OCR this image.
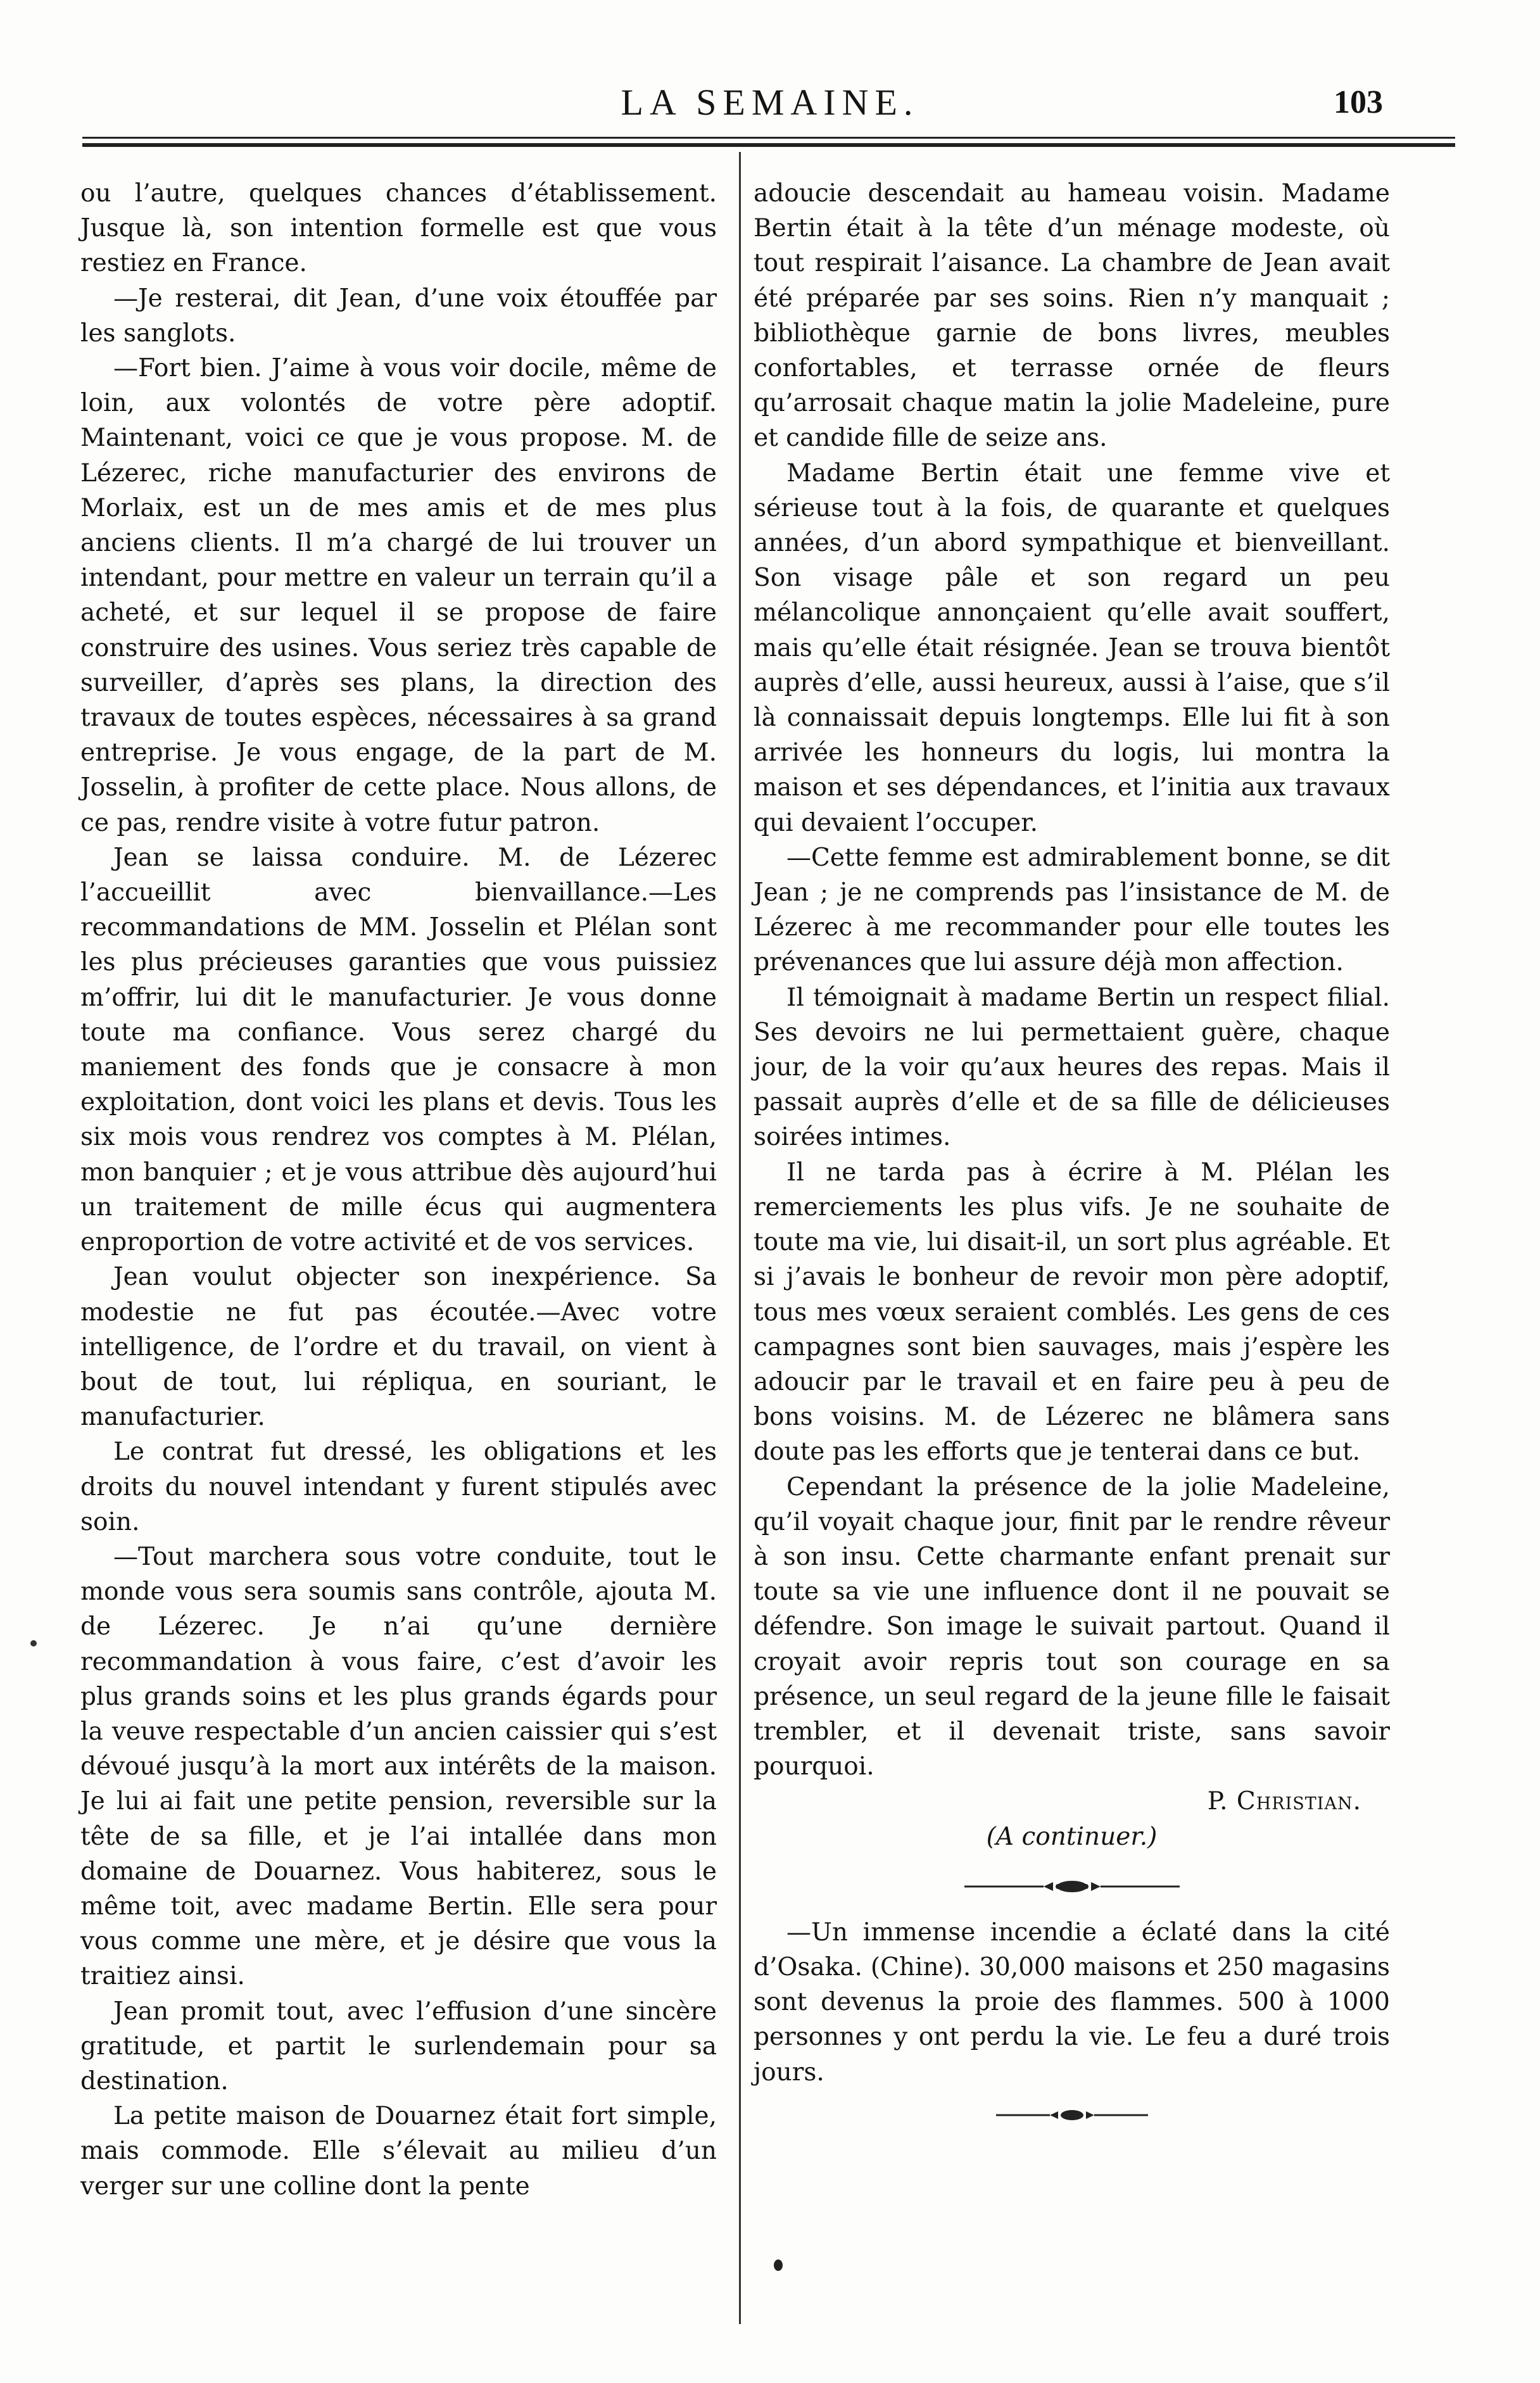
LA SEMAINE.	103

ou l’autre, quelques chances d’établissement. Jusque là, son intention formelle est que vous restiez en France.

—Je resterai, dit Jean, d’une voix étouffée par les sanglots.

—Fort bien. J’aime à vous voir docile, même de loin, aux volontés de votre père adoptif. Maintenant, voici ce que je vous propose. M. de Lézerec, riche manufacturier des environs de Morlaix, est un de mes amis et de mes plus anciens clients. Il m’a chargé de lui trouver un intendant, pour mettre en valeur un terrain qu’il a acheté, et sur lequel il se propose de faire construire des usines. Vous seriez très capable de surveiller, d’après ses plans, la direction des travaux de toutes espèces, nécessaires à sa grand entreprise. Je vous engage, de la part de M. Josselin, à profiter de cette place. Nous allons, de ce pas, rendre visite à votre futur patron.

Jean se laissa conduire. M. de Lézerec l’accueillit avec bienvaillance.—Les recommandations de MM. Josselin et Plélan sont les plus précieuses garanties que vous puissiez m’offrir, lui dit le manufacturier. Je vous donne toute ma confiance. Vous serez chargé du maniement des fonds que je consacre à mon exploitation, dont voici les plans et devis. Tous les six mois vous rendrez vos comptes à M. Plélan, mon banquier ; et je vous attribue dès aujourd’hui un traitement de mille écus qui augmentera enproportion de votre activité et de vos services.

Jean voulut objecter son inexpérience. Sa modestie ne fut pas écoutée.—Avec votre intelligence, de l’ordre et du travail, on vient à bout de tout, lui répliqua, en souriant, le manufacturier.

Le contrat fut dressé, les obligations et les droits du nouvel intendant y furent stipulés avec soin.

—Tout marchera sous votre conduite, tout le monde vous sera soumis sans contrôle, ajouta M. de Lézerec. Je n’ai qu’une dernière recommandation à vous faire, c’est d’avoir les plus grands soins et les plus grands égards pour la veuve respectable d’un ancien caissier qui s’est dévoué jusqu’à la mort aux intérêts de la maison. Je lui ai fait une petite pension, reversible sur la tête de sa fille, et je l’ai intallée dans mon domaine de Douarnez. Vous habiterez, sous le même toit, avec madame Bertin. Elle sera pour vous comme une mère, et je désire que vous la traitiez ainsi.

Jean promit tout, avec l’effusion d’une sincère gratitude, et partit le surlendemain pour sa destination.

La petite maison de Douarnez était fort simple, mais commode. Elle s’élevait au milieu d’un verger sur une colline dont la pente

adoucie descendait au hameau voisin. Madame Bertin était à la tête d’un ménage modeste, où tout respirait l’aisance. La chambre de Jean avait été préparée par ses soins. Rien n’y manquait ; bibliothèque garnie de bons livres, meubles confortables, et terrasse ornée de fleurs qu’arrosait chaque matin la jolie Madeleine, pure et candide fille de seize ans.

Madame Bertin était une femme vive et sérieuse tout à la fois, de quarante et quelques années, d’un abord sympathique et bienveillant. Son visage pâle et son regard un peu mélancolique annonçaient qu’elle avait souffert, mais qu’elle était résignée. Jean se trouva bientôt auprès d’elle, aussi heureux, aussi à l’aise, que s’il là connaissait depuis longtemps. Elle lui fit à son arrivée les honneurs du logis, lui montra la maison et ses dépendances, et l’initia aux travaux qui devaient l’occuper.

—Cette femme est admirablement bonne, se dit Jean ; je ne comprends pas l’insistance de M. de Lézerec à me recommander pour elle toutes les prévenances que lui assure déjà mon affection.

Il témoignait à madame Bertin un respect filial. Ses devoirs ne lui permettaient guère, chaque jour, de la voir qu’aux heures des repas. Mais il passait auprès d’elle et de sa fille de délicieuses soirées intimes.

Il ne tarda pas à écrire à M. Plélan les remerciements les plus vifs. Je ne souhaite de toute ma vie, lui disait-il, un sort plus agréable. Et si j’avais le bonheur de revoir mon père adoptif, tous mes vœux seraient comblés. Les gens de ces campagnes sont bien sauvages, mais j’espère les adoucir par le travail et en faire peu à peu de bons voisins. M. de Lézerec ne blâmera sans doute pas les efforts que je tenterai dans ce but.

Cependant la présence de la jolie Madeleine, qu’il voyait chaque jour, finit par le rendre rêveur à son insu. Cette charmante enfant prenait sur toute sa vie une influence dont il ne pouvait se défendre. Son image le suivait partout. Quand il croyait avoir repris tout son courage en sa présence, un seul regard de la jeune fille le faisait trembler, et il devenait triste, sans savoir pourquoi.

P. Christian.

(A continuer.)

—Un immense incendie a éclaté dans la cité d’Osaka. (Chine). 30,000 maisons et 250 magasins sont devenus la proie des flammes. 500 à 1000 personnes y ont perdu la vie. Le feu a duré trois jours.
